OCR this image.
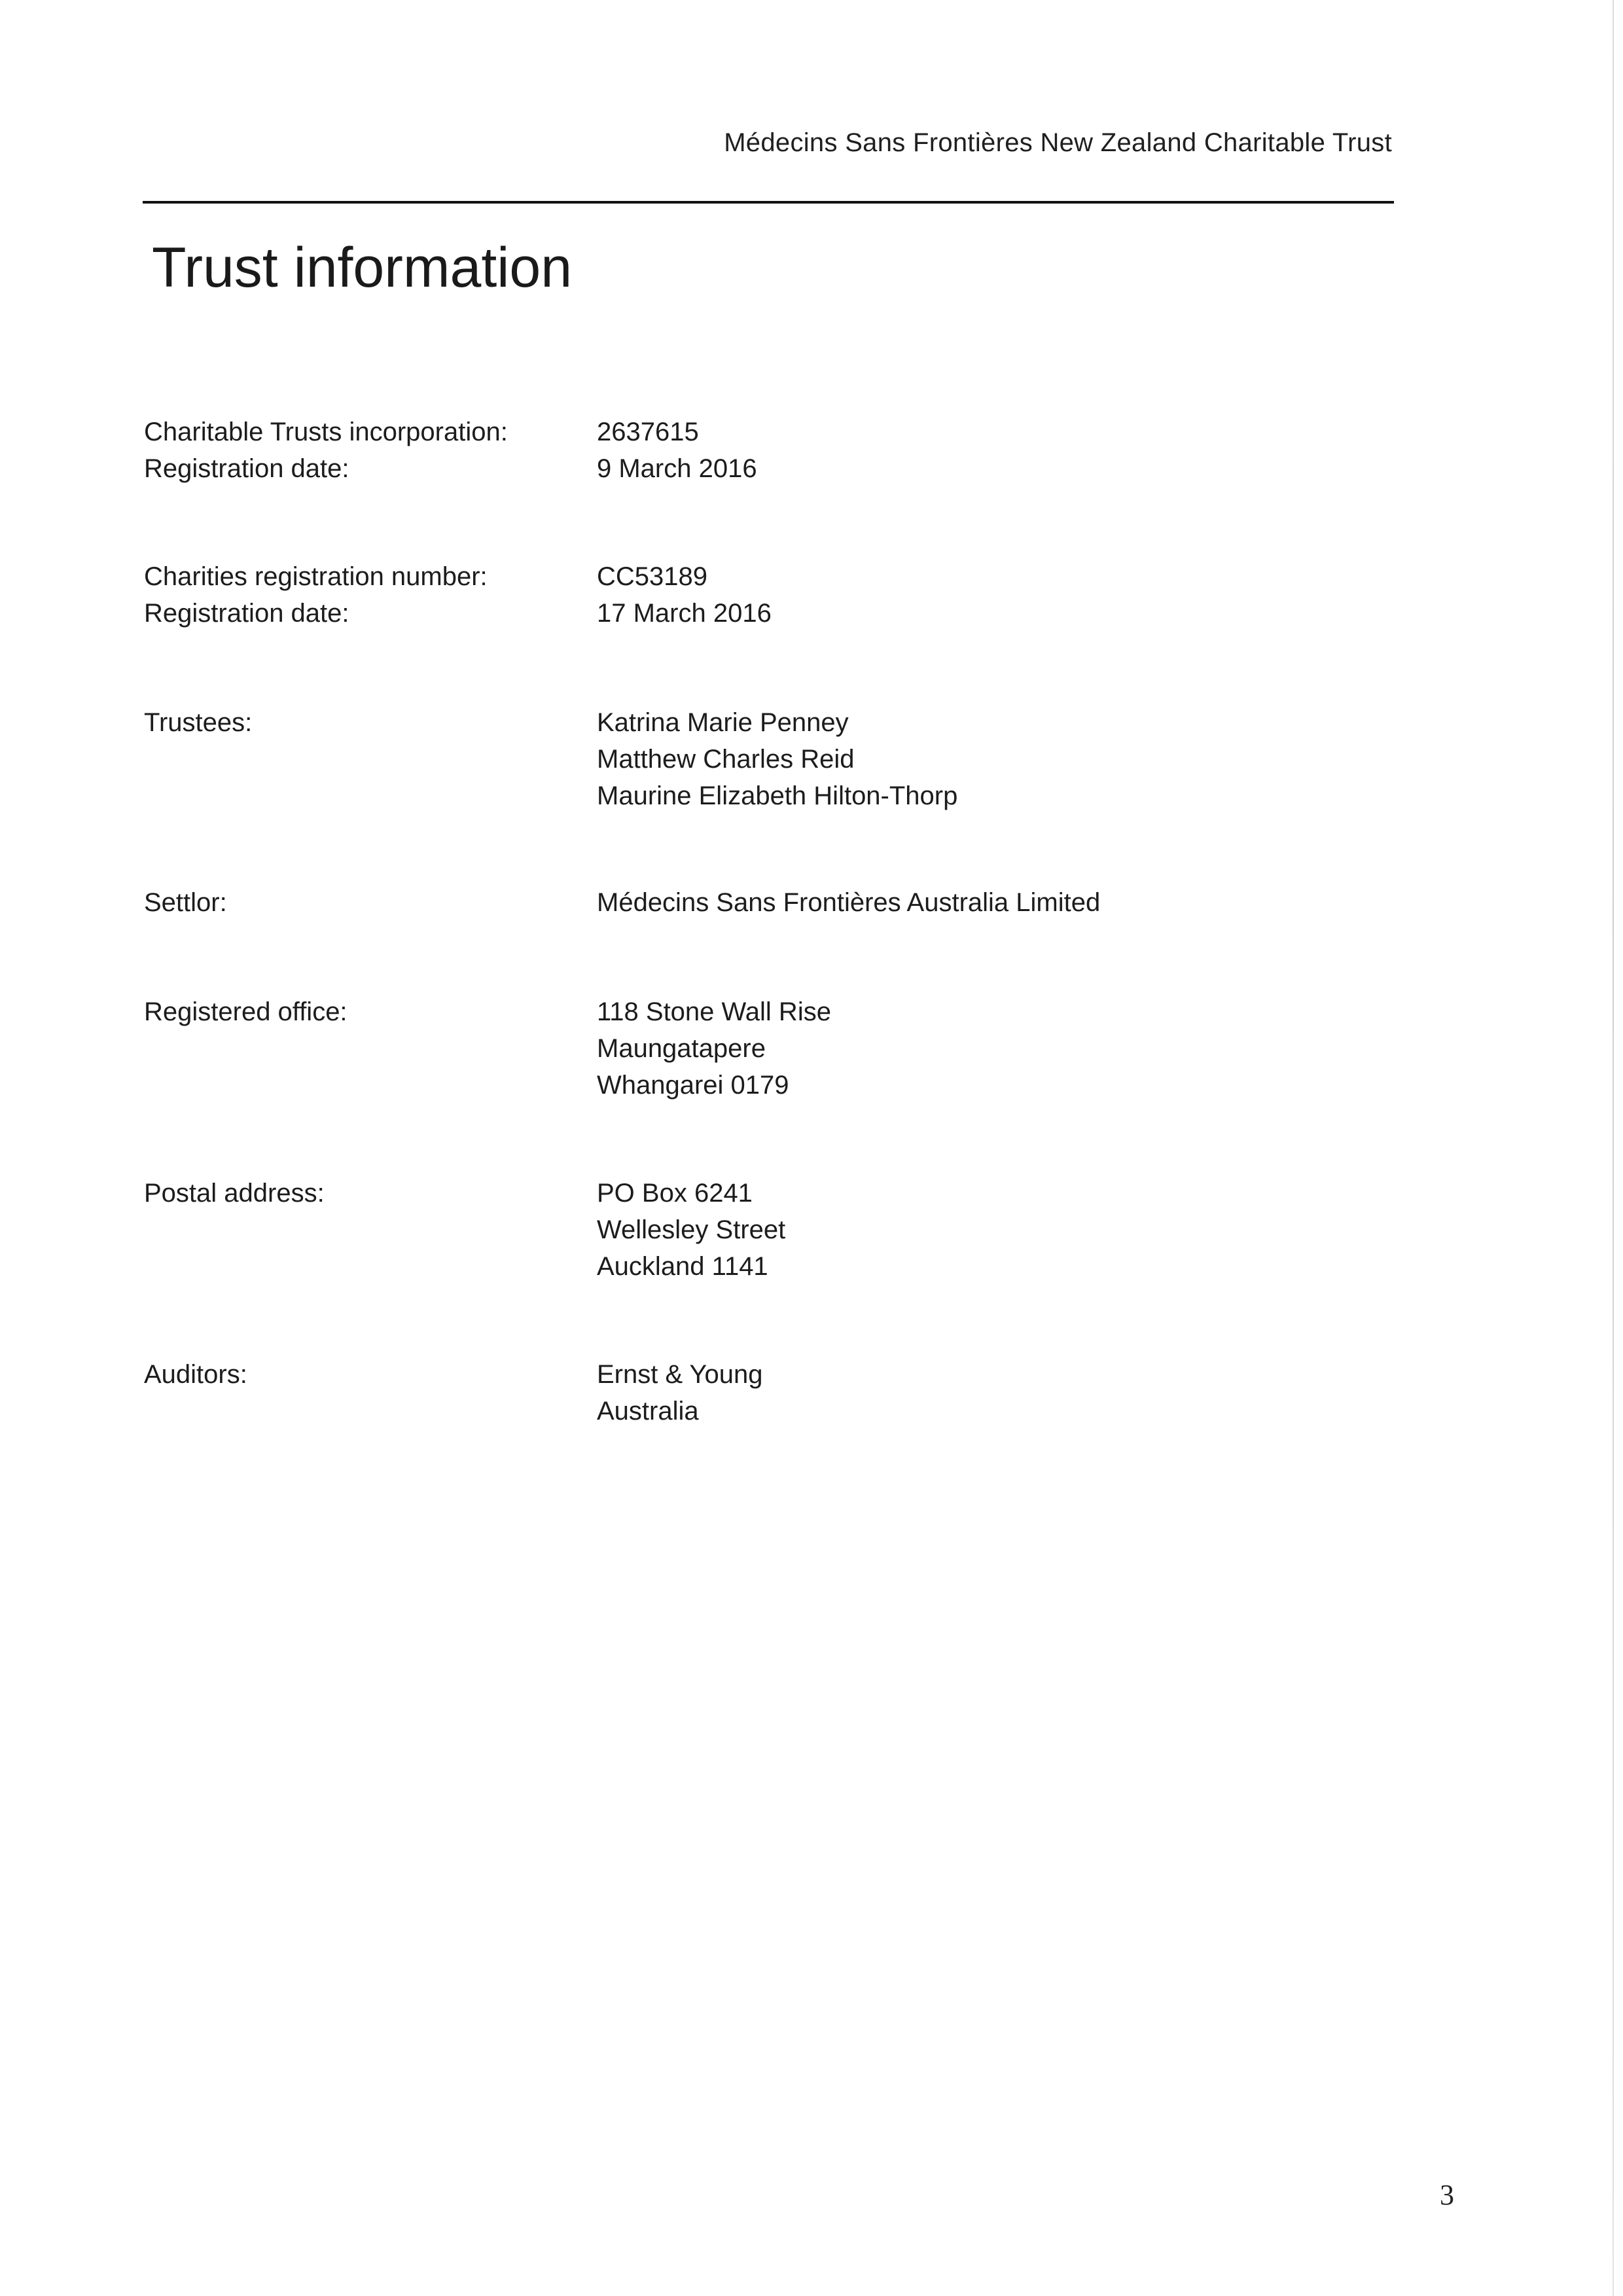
Médecins Sans Frontières New Zealand Charitable Trust
Trust information
Charitable Trusts incorporation:	2637615
Registration date:	9 March 2016
Charities registration number:	CC53189
Registration date:	17 March 2016
Trustees:	Katrina Marie Penney
Matthew Charles Reid
Maurine Elizabeth Hilton-Thorp
Settlor:	Médecins Sans Frontières Australia Limited
Registered office:	118 Stone Wall Rise
Maungatapere
Whangarei 0179
Postal address:	PO Box 6241
Wellesley Street
Auckland 1141
Auditors:	Ernst & Young
Australia
3
